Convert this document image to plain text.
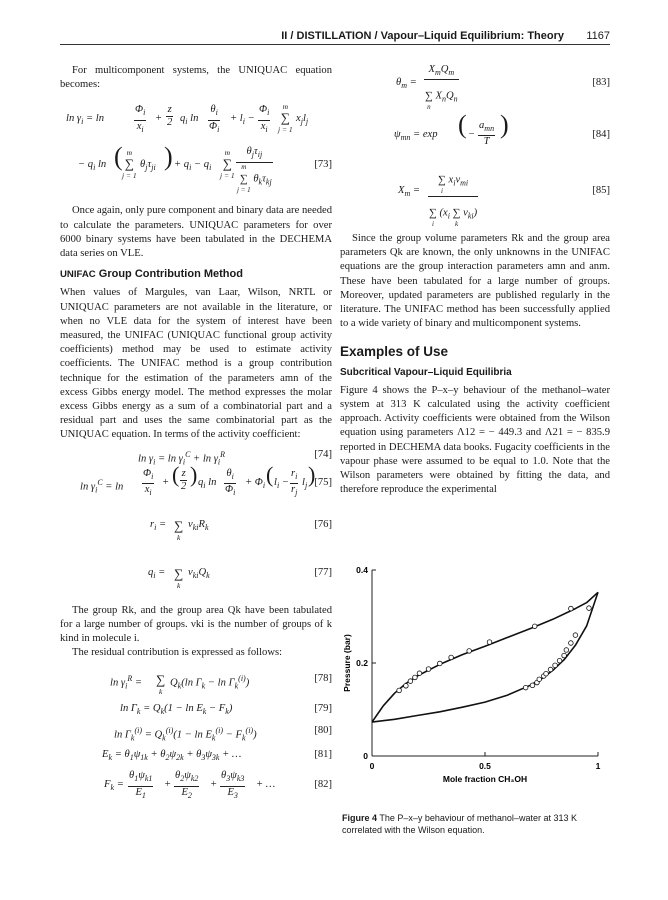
II / DISTILLATION / Vapour–Liquid Equilibrium: Theory 1167

For multicomponent systems, the UNIQUAC equation becomes:

$\ln \gamma_i = \ln$	$\frac{\Phi_i}{x_i} + \frac{z}{2} q_i$ $\ln \frac{\theta_i}{\Phi_i} + l_i - \frac{\Phi_i}{x_i}$	m
∑
j = 1
$x_jl_j$
− $q_i$ ln ( m
∑
j = 1
$\theta_j\tau_{ji}$ ) + $q_i - q_i$
m
∑
j = 1
$\theta_j\tau_{ij}$
m
∑
j = 1 $\theta_k\tau_{kj}$
[73]

Once again, only pure component and binary data are needed to calculate the parameters. UNIQUAC parameters for over 6000 binary systems have been tabulated in the DECHEMA data series on VLE.

UNIFAC Group Contribution Method

When values of Margules, van Laar, Wilson, NRTL or UNIQUAC parameters are not available in the literature, or when no VLE data for the system of interest have been measured, the UNIFAC (UNIQUAC functional group activity coefficients) method may be used to estimate activity coefficients. The UNIFAC method is a group contribution technique for the estimation of the parameters amn of the excess Gibbs energy model. The method expresses the molar excess Gibbs energy as a sum of a combinatorial part and a residual part and uses the same combinatorial part as the UNIQUAC equation. In terms of the activity coefficient:

$\ln \gamma_i = \ln \gamma_i^C + \ln \gamma_i^R$	[74]
$\ln \gamma_i^C = \ln \frac{\Phi_i}{x_i}$ + ( $\frac{z}{2}$ ) $q_i$ $\ln \frac{\theta_i}{\Phi_i} + \Phi_i$ ( $l_i - \frac{r_i}{r_j} l_j$ ) [75]
$r_i$ =
∑
k
$\nu_{ki}R_k$	[76]
$q_i$ =
∑
k
$\nu_{ki}Q_k$	[77]

The group Rk, and the group area Qk have been tabulated for a large number of groups. νki is the number of groups of k kind in molecule i.

The residual contribution is expressed as follows:

$\ln \gamma_i^R$ =
∑
k
$Q_k(\ln$ $\Gamma_k - \ln \Gamma_k^{(i)}$)	[78]
$\ln \Gamma_k = Q_k(1 - \ln E_k - F_k)$	[79]
$\ln \Gamma_k^{(i)} = Q_k^{(i)}(1 - \ln E_k^{(i)} - F_k^{(i)})$	[80]
$E_k = \theta_1\psi_{1k} + \theta_2\psi_{2k} + \theta_3\psi_{3k}$ + …	[81]
$F_k = \frac{\theta_1\psi_{k1}}{E_1} + \frac{\theta_2\psi_{k2}}{E_2} + \frac{\theta_3\psi_{k3}}{E_3}$ + …	[82]
$\theta_m$ =
$X_mQ_m$

∑
n $X_nQ_n$
[83]
$\psi_{mn} = \exp$ ( −
$a_{mn}$
T
)	[84]
$X_m$ =

∑
i $x_i\nu_{mi}$

∑
i ($x_i$ ∑
k $\nu_{ki}$)
[85]

Since the group volume parameters Rk and the group area parameters Qk are known, the only unknowns in the UNIFAC equations are the group interaction parameters amn and anm. These have been tabulated for a large number of groups. Moreover, updated parameters are published regularly in the literature. The UNIFAC method has been successfully applied to a wide variety of binary and multicomponent systems.

Examples of Use
Subcritical Vapour–Liquid Equilibria

Figure 4 shows the P–x–y behaviour of the methanol–water system at 313 K calculated using the activity coefficient approach. Activity coefficients were obtained from the Wilson equation using parameters Λ12 = − 449.3 and Λ21 = − 835.9 reported in DECHEMA data books. Fugacity coefficients in the vapour phase were assumed to be equal to 1.0. Note that the Wilson parameters were obtained by fitting the data, and therefore reproduce the experimental

0
0.2
0.4
0	0.5	1
Mole fraction CH₃OH
Pressure (bar)
Figure 4 The P–x–y behaviour of methanol–water at 313 K correlated with the Wilson equation.
